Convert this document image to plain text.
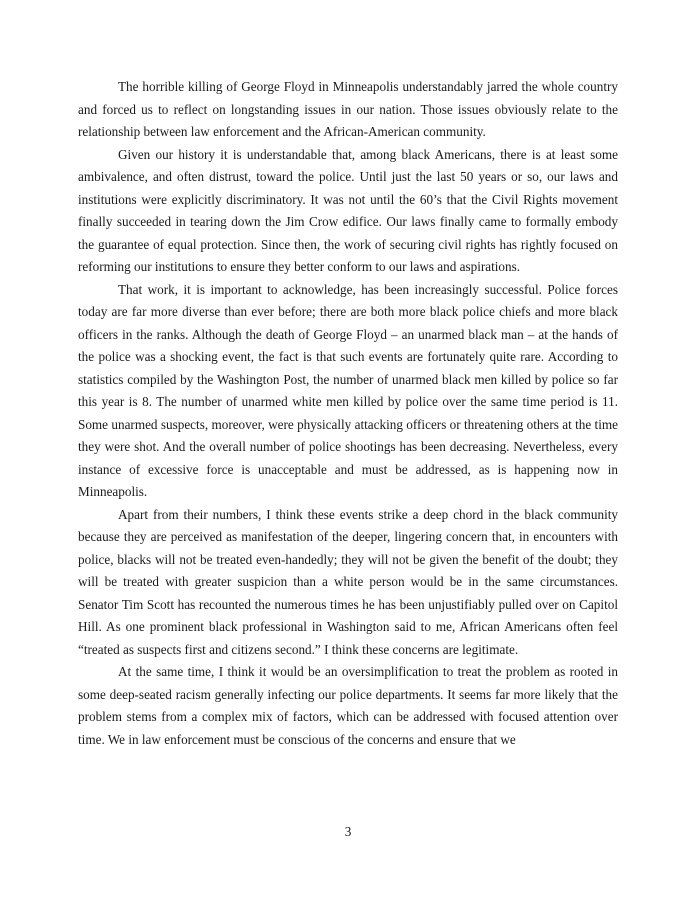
The horrible killing of George Floyd in Minneapolis understandably jarred the whole country and forced us to reflect on longstanding issues in our nation. Those issues obviously relate to the relationship between law enforcement and the African-American community.

Given our history it is understandable that, among black Americans, there is at least some ambivalence, and often distrust, toward the police. Until just the last 50 years or so, our laws and institutions were explicitly discriminatory. It was not until the 60’s that the Civil Rights movement finally succeeded in tearing down the Jim Crow edifice. Our laws finally came to formally embody the guarantee of equal protection. Since then, the work of securing civil rights has rightly focused on reforming our institutions to ensure they better conform to our laws and aspirations.

That work, it is important to acknowledge, has been increasingly successful. Police forces today are far more diverse than ever before; there are both more black police chiefs and more black officers in the ranks. Although the death of George Floyd – an unarmed black man – at the hands of the police was a shocking event, the fact is that such events are fortunately quite rare. According to statistics compiled by the Washington Post, the number of unarmed black men killed by police so far this year is 8. The number of unarmed white men killed by police over the same time period is 11. Some unarmed suspects, moreover, were physically attacking officers or threatening others at the time they were shot. And the overall number of police shootings has been decreasing. Nevertheless, every instance of excessive force is unacceptable and must be addressed, as is happening now in Minneapolis.

Apart from their numbers, I think these events strike a deep chord in the black community because they are perceived as manifestation of the deeper, lingering concern that, in encounters with police, blacks will not be treated even-handedly; they will not be given the benefit of the doubt; they will be treated with greater suspicion than a white person would be in the same circumstances. Senator Tim Scott has recounted the numerous times he has been unjustifiably pulled over on Capitol Hill. As one prominent black professional in Washington said to me, African Americans often feel “treated as suspects first and citizens second.” I think these concerns are legitimate.

At the same time, I think it would be an oversimplification to treat the problem as rooted in some deep-seated racism generally infecting our police departments. It seems far more likely that the problem stems from a complex mix of factors, which can be addressed with focused attention over time. We in law enforcement must be conscious of the concerns and ensure that we

3
